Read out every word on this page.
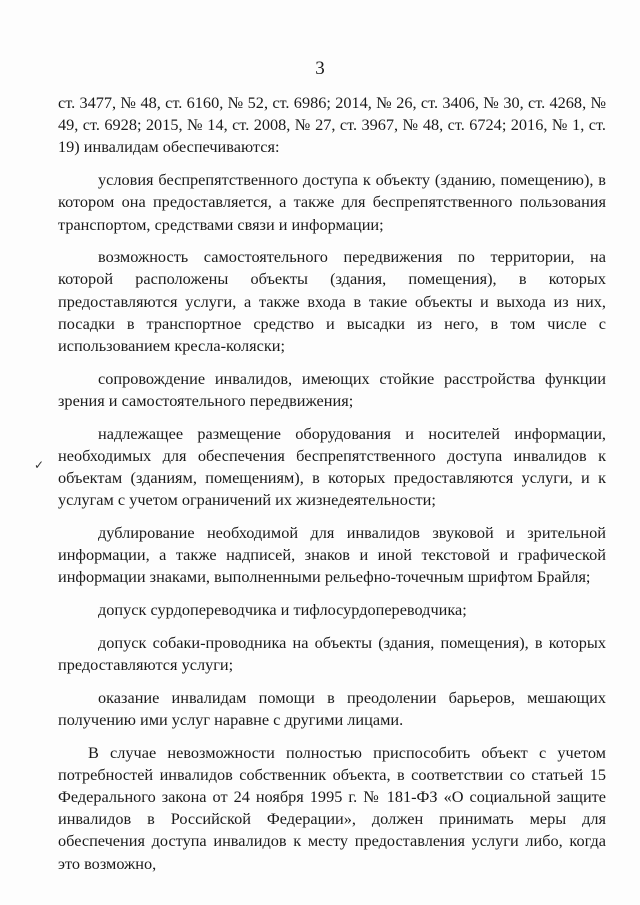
3
✓

ст. 3477, № 48, ст. 6160, № 52, ст. 6986; 2014, № 26, ст. 3406, № 30, ст. 4268, № 49, ст. 6928; 2015, № 14, ст. 2008, № 27, ст. 3967, № 48, ст. 6724; 2016, № 1, ст. 19) инвалидам обеспечиваются:

условия беспрепятственного доступа к объекту (зданию, помещению), в котором она предоставляется, а также для беспрепятственного пользования транспортом, средствами связи и информации;

возможность самостоятельного передвижения по территории, на которой расположены объекты (здания, помещения), в которых предоставляются услуги, а также входа в такие объекты и выхода из них, посадки в транспортное средство и высадки из него, в том числе с использованием кресла-коляски;

сопровождение инвалидов, имеющих стойкие расстройства функции зрения и самостоятельного передвижения;

надлежащее размещение оборудования и носителей информации, необходимых для обеспечения беспрепятственного доступа инвалидов к объектам (зданиям, помещениям), в которых предоставляются услуги, и к услугам с учетом ограничений их жизнедеятельности;

дублирование необходимой для инвалидов звуковой и зрительной информации, а также надписей, знаков и иной текстовой и графической информации знаками, выполненными рельефно-точечным шрифтом Брайля;

допуск сурдопереводчика и тифлосурдопереводчика;

допуск собаки-проводника на объекты (здания, помещения), в которых предоставляются услуги;

оказание инвалидам помощи в преодолении барьеров, мешающих получению ими услуг наравне с другими лицами.

В случае невозможности полностью приспособить объект с учетом потребностей инвалидов собственник объекта, в соответствии со статьей 15 Федерального закона от 24 ноября 1995 г. № 181-ФЗ «О социальной защите инвалидов в Российской Федерации», должен принимать меры для обеспечения доступа инвалидов к месту предоставления услуги либо, когда это возможно,
